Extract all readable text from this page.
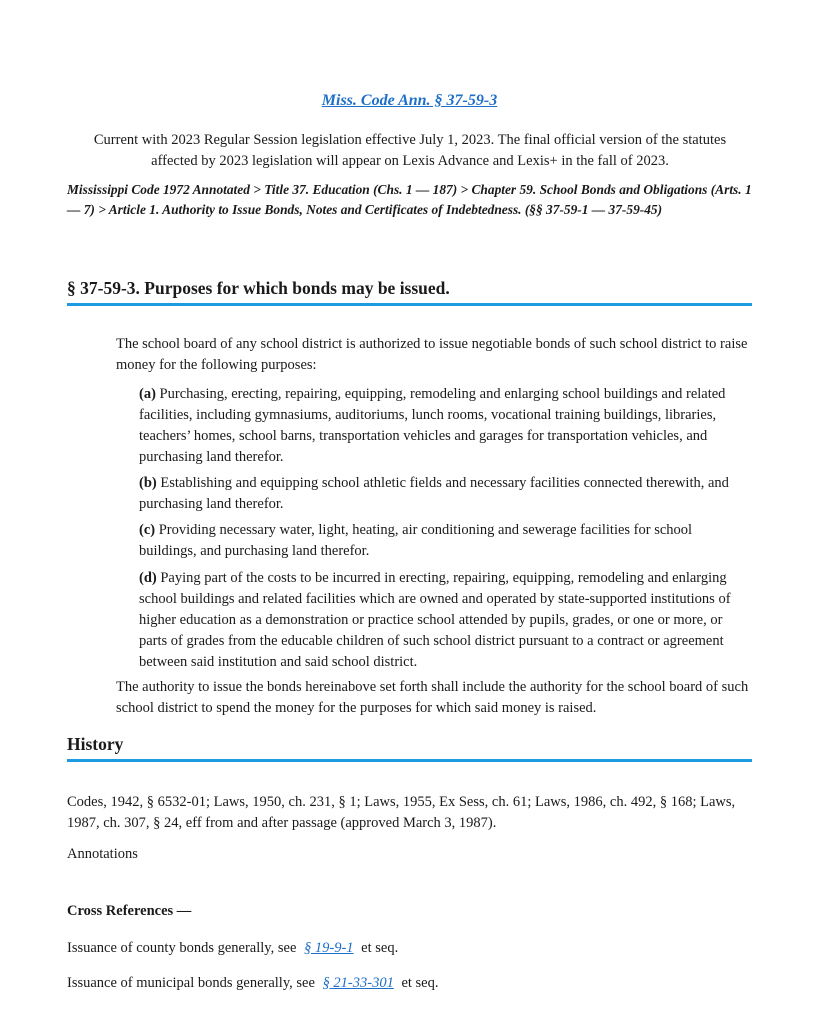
Miss. Code Ann. § 37-59-3
Current with 2023 Regular Session legislation effective July 1, 2023. The final official version of the statutes affected by 2023 legislation will appear on Lexis Advance and Lexis+ in the fall of 2023.
Mississippi Code 1972 Annotated > Title 37. Education (Chs. 1 — 187) > Chapter 59. School Bonds and Obligations (Arts. 1 — 7) > Article 1. Authority to Issue Bonds, Notes and Certificates of Indebtedness. (§§ 37-59-1 — 37-59-45)
§ 37-59-3. Purposes for which bonds may be issued.
The school board of any school district is authorized to issue negotiable bonds of such school district to raise money for the following purposes:
(a) Purchasing, erecting, repairing, equipping, remodeling and enlarging school buildings and related facilities, including gymnasiums, auditoriums, lunch rooms, vocational training buildings, libraries, teachers’ homes, school barns, transportation vehicles and garages for transportation vehicles, and purchasing land therefor.
(b) Establishing and equipping school athletic fields and necessary facilities connected therewith, and purchasing land therefor.
(c) Providing necessary water, light, heating, air conditioning and sewerage facilities for school buildings, and purchasing land therefor.
(d) Paying part of the costs to be incurred in erecting, repairing, equipping, remodeling and enlarging school buildings and related facilities which are owned and operated by state-supported institutions of higher education as a demonstration or practice school attended by pupils, grades, or one or more, or parts of grades from the educable children of such school district pursuant to a contract or agreement between said institution and said school district.
The authority to issue the bonds hereinabove set forth shall include the authority for the school board of such school district to spend the money for the purposes for which said money is raised.
History
Codes, 1942, § 6532-01; Laws, 1950, ch. 231, § 1; Laws, 1955, Ex Sess, ch. 61; Laws, 1986, ch. 492, § 168; Laws, 1987, ch. 307, § 24, eff from and after passage (approved March 3, 1987).
Annotations
Cross References —
Issuance of county bonds generally, see § 19-9-1 et seq.
Issuance of municipal bonds generally, see § 21-33-301 et seq.
